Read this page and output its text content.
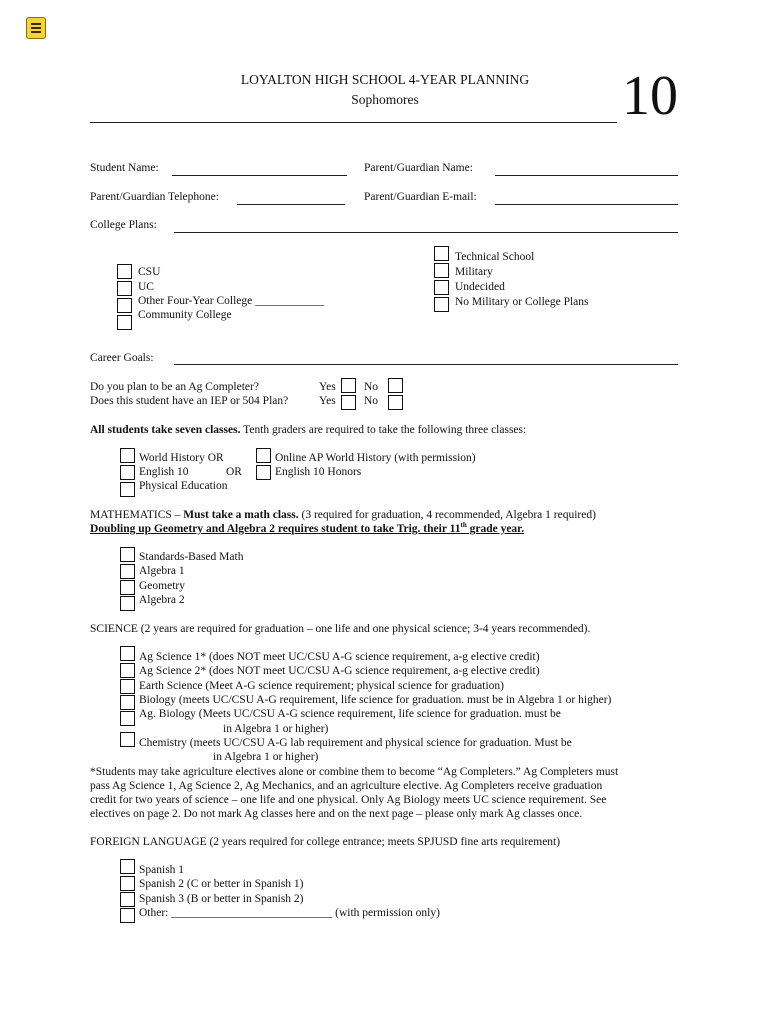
LOYALTON HIGH SCHOOL 4-YEAR PLANNING
Sophomores	10
Student Name:	Parent/Guardian Name:
Parent/Guardian Telephone:	Parent/Guardian E-mail:
College Plans:
CSU
UC
Other Four-Year College ____________
Community College
Technical School
Military
Undecided
No Military or College Plans
Career Goals:
Do you plan to be an Ag Completer?	Yes No
Does this student have an IEP or 504 Plan?	Yes No
All students take seven classes. Tenth graders are required to take the following three classes:
World History OR	Online AP World History (with permission)
English 10	OR	English 10 Honors
Physical Education
MATHEMATICS – Must take a math class. (3 required for graduation, 4 recommended, Algebra 1 required)
Doubling up Geometry and Algebra 2 requires student to take Trig. their 11th grade year.
Standards-Based Math
Algebra 1
Geometry
Algebra 2
SCIENCE (2 years are required for graduation – one life and one physical science; 3-4 years recommended).
Ag Science 1* (does NOT meet UC/CSU A-G science requirement, a-g elective credit)
Ag Science 2* (does NOT meet UC/CSU A-G science requirement, a-g elective credit)
Earth Science (Meet A-G science requirement; physical science for graduation)
Biology (meets UC/CSU A-G requirement, life science for graduation. must be in Algebra 1 or higher)
Ag. Biology (Meets UC/CSU A-G science requirement, life science for graduation. must be
in Algebra 1 or higher)
Chemistry (meets UC/CSU A-G lab requirement and physical science for graduation. Must be
in Algebra 1 or higher)
*Students may take agriculture electives alone or combine them to become “Ag Completers.” Ag Completers must
pass Ag Science 1, Ag Science 2, Ag Mechanics, and an agriculture elective. Ag Completers receive graduation
credit for two years of science – one life and one physical. Only Ag Biology meets UC science requirement. See
electives on page 2. Do not mark Ag classes here and on the next page – please only mark Ag classes once.
FOREIGN LANGUAGE (2 years required for college entrance; meets SPJUSD fine arts requirement)
Spanish 1
Spanish 2 (C or better in Spanish 1)
Spanish 3 (B or better in Spanish 2)
Other: ____________________________ (with permission only)
